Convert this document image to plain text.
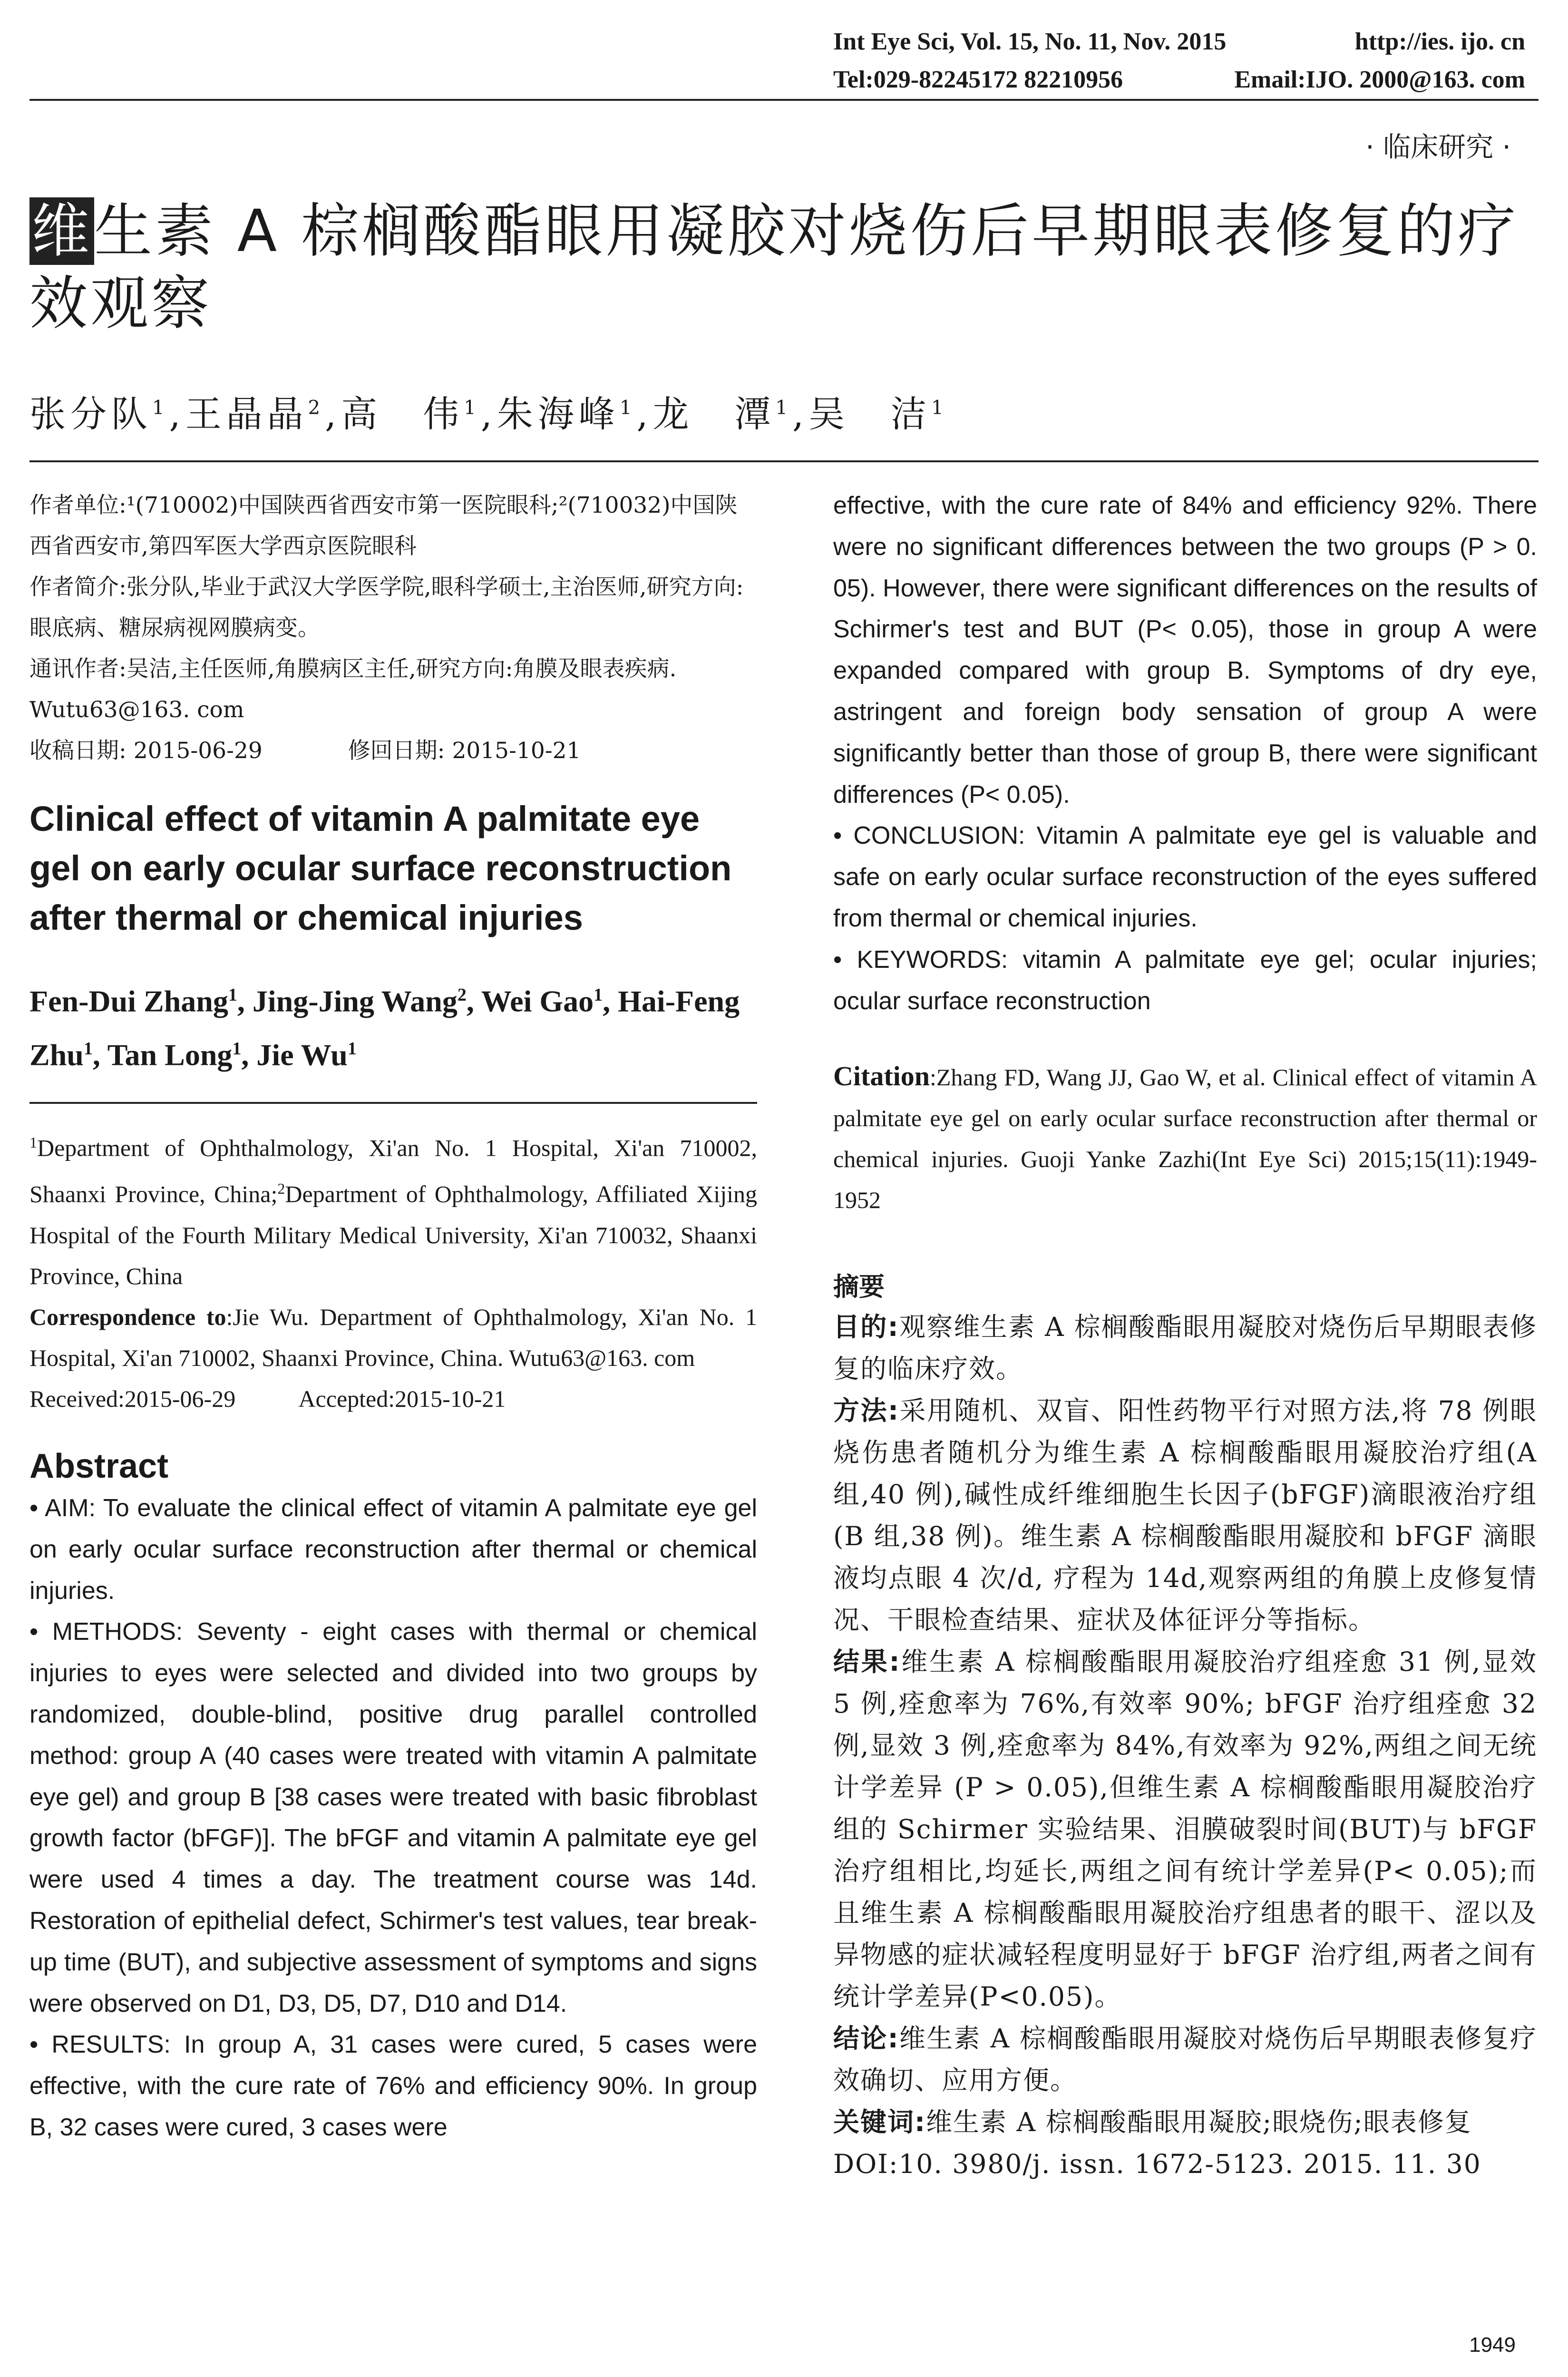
Int Eye Sci, Vol. 15, No. 11, Nov. 2015	http://ies. ijo. cn
Tel:029-82245172 82210956	Email:IJO. 2000@163. com
· 临床研究 ·
维生素 A 棕榈酸酯眼用凝胶对烧伤后早期眼表修复的疗效观察
张分队$^1$,王晶晶$^2$,高　伟$^1$,朱海峰$^1$,龙　潭$^1$,吴　洁$^1$
作者单位:¹(710002)中国陕西省西安市第一医院眼科;²(710032)中国陕西省西安市,第四军医大学西京医院眼科
作者简介:张分队,毕业于武汉大学医学院,眼科学硕士,主治医师,研究方向:眼底病、糖尿病视网膜病变。
通讯作者:吴洁,主任医师,角膜病区主任,研究方向:角膜及眼表疾病. Wutu63@163. com
收稿日期: 2015-06-29	修回日期: 2015-10-21
Clinical effect of vitamin A palmitate eye gel on early ocular surface reconstruction after thermal or chemical injuries
Fen-Dui Zhang$^1$, Jing-Jing Wang$^2$, Wei Gao$^1$, Hai-Feng Zhu$^1$, Tan Long$^1$, Jie Wu$^1$
$^1$Department of Ophthalmology, Xi'an No. 1 Hospital, Xi'an 710002, Shaanxi Province, China;$^2$Department of Ophthalmology, Affiliated Xijing Hospital of the Fourth Military Medical University, Xi'an 710032, Shaanxi Province, China
Correspondence to:Jie Wu. Department of Ophthalmology, Xi'an No. 1 Hospital, Xi'an 710002, Shaanxi Province, China. Wutu63@163. com
Received:2015-06-29	Accepted:2015-10-21
Abstract
• AIM: To evaluate the clinical effect of vitamin A palmitate eye gel on early ocular surface reconstruction after thermal or chemical injuries.
• METHODS: Seventy - eight cases with thermal or chemical injuries to eyes were selected and divided into two groups by randomized, double-blind, positive drug parallel controlled method: group A (40 cases were treated with vitamin A palmitate eye gel) and group B [38 cases were treated with basic fibroblast growth factor (bFGF)]. The bFGF and vitamin A palmitate eye gel were used 4 times a day. The treatment course was 14d. Restoration of epithelial defect, Schirmer's test values, tear break-up time (BUT), and subjective assessment of symptoms and signs were observed on D1, D3, D5, D7, D10 and D14.
• RESULTS: In group A, 31 cases were cured, 5 cases were effective, with the cure rate of 76% and efficiency 90%. In group B, 32 cases were cured, 3 cases were
effective, with the cure rate of 84% and efficiency 92%. There were no significant differences between the two groups (P > 0. 05). However, there were significant differences on the results of Schirmer's test and BUT (P< 0.05), those in group A were expanded compared with group B. Symptoms of dry eye, astringent and foreign body sensation of group A were significantly better than those of group B, there were significant differences (P< 0.05).
• CONCLUSION: Vitamin A palmitate eye gel is valuable and safe on early ocular surface reconstruction of the eyes suffered from thermal or chemical injuries.
• KEYWORDS: vitamin A palmitate eye gel; ocular injuries; ocular surface reconstruction
Citation:Zhang FD, Wang JJ, Gao W, et al. Clinical effect of vitamin A palmitate eye gel on early ocular surface reconstruction after thermal or chemical injuries. Guoji Yanke Zazhi(Int Eye Sci) 2015;15(11):1949-1952
摘要
目的:观察维生素 A 棕榈酸酯眼用凝胶对烧伤后早期眼表修复的临床疗效。
方法:采用随机、双盲、阳性药物平行对照方法,将 78 例眼烧伤患者随机分为维生素 A 棕榈酸酯眼用凝胶治疗组(A 组,40 例),碱性成纤维细胞生长因子(bFGF)滴眼液治疗组(B 组,38 例)。维生素 A 棕榈酸酯眼用凝胶和 bFGF 滴眼液均点眼 4 次/d, 疗程为 14d,观察两组的角膜上皮修复情况、干眼检查结果、症状及体征评分等指标。
结果:维生素 A 棕榈酸酯眼用凝胶治疗组痊愈 31 例,显效 5 例,痊愈率为 76%,有效率 90%; bFGF 治疗组痊愈 32 例,显效 3 例,痊愈率为 84%,有效率为 92%,两组之间无统计学差异 (P > 0.05),但维生素 A 棕榈酸酯眼用凝胶治疗组的 Schirmer 实验结果、泪膜破裂时间(BUT)与 bFGF 治疗组相比,均延长,两组之间有统计学差异(P< 0.05);而且维生素 A 棕榈酸酯眼用凝胶治疗组患者的眼干、涩以及异物感的症状减轻程度明显好于 bFGF 治疗组,两者之间有统计学差异(P<0.05)。
结论:维生素 A 棕榈酸酯眼用凝胶对烧伤后早期眼表修复疗效确切、应用方便。
关键词:维生素 A 棕榈酸酯眼用凝胶;眼烧伤;眼表修复
DOI:10. 3980/j. issn. 1672-5123. 2015. 11. 30
1949
